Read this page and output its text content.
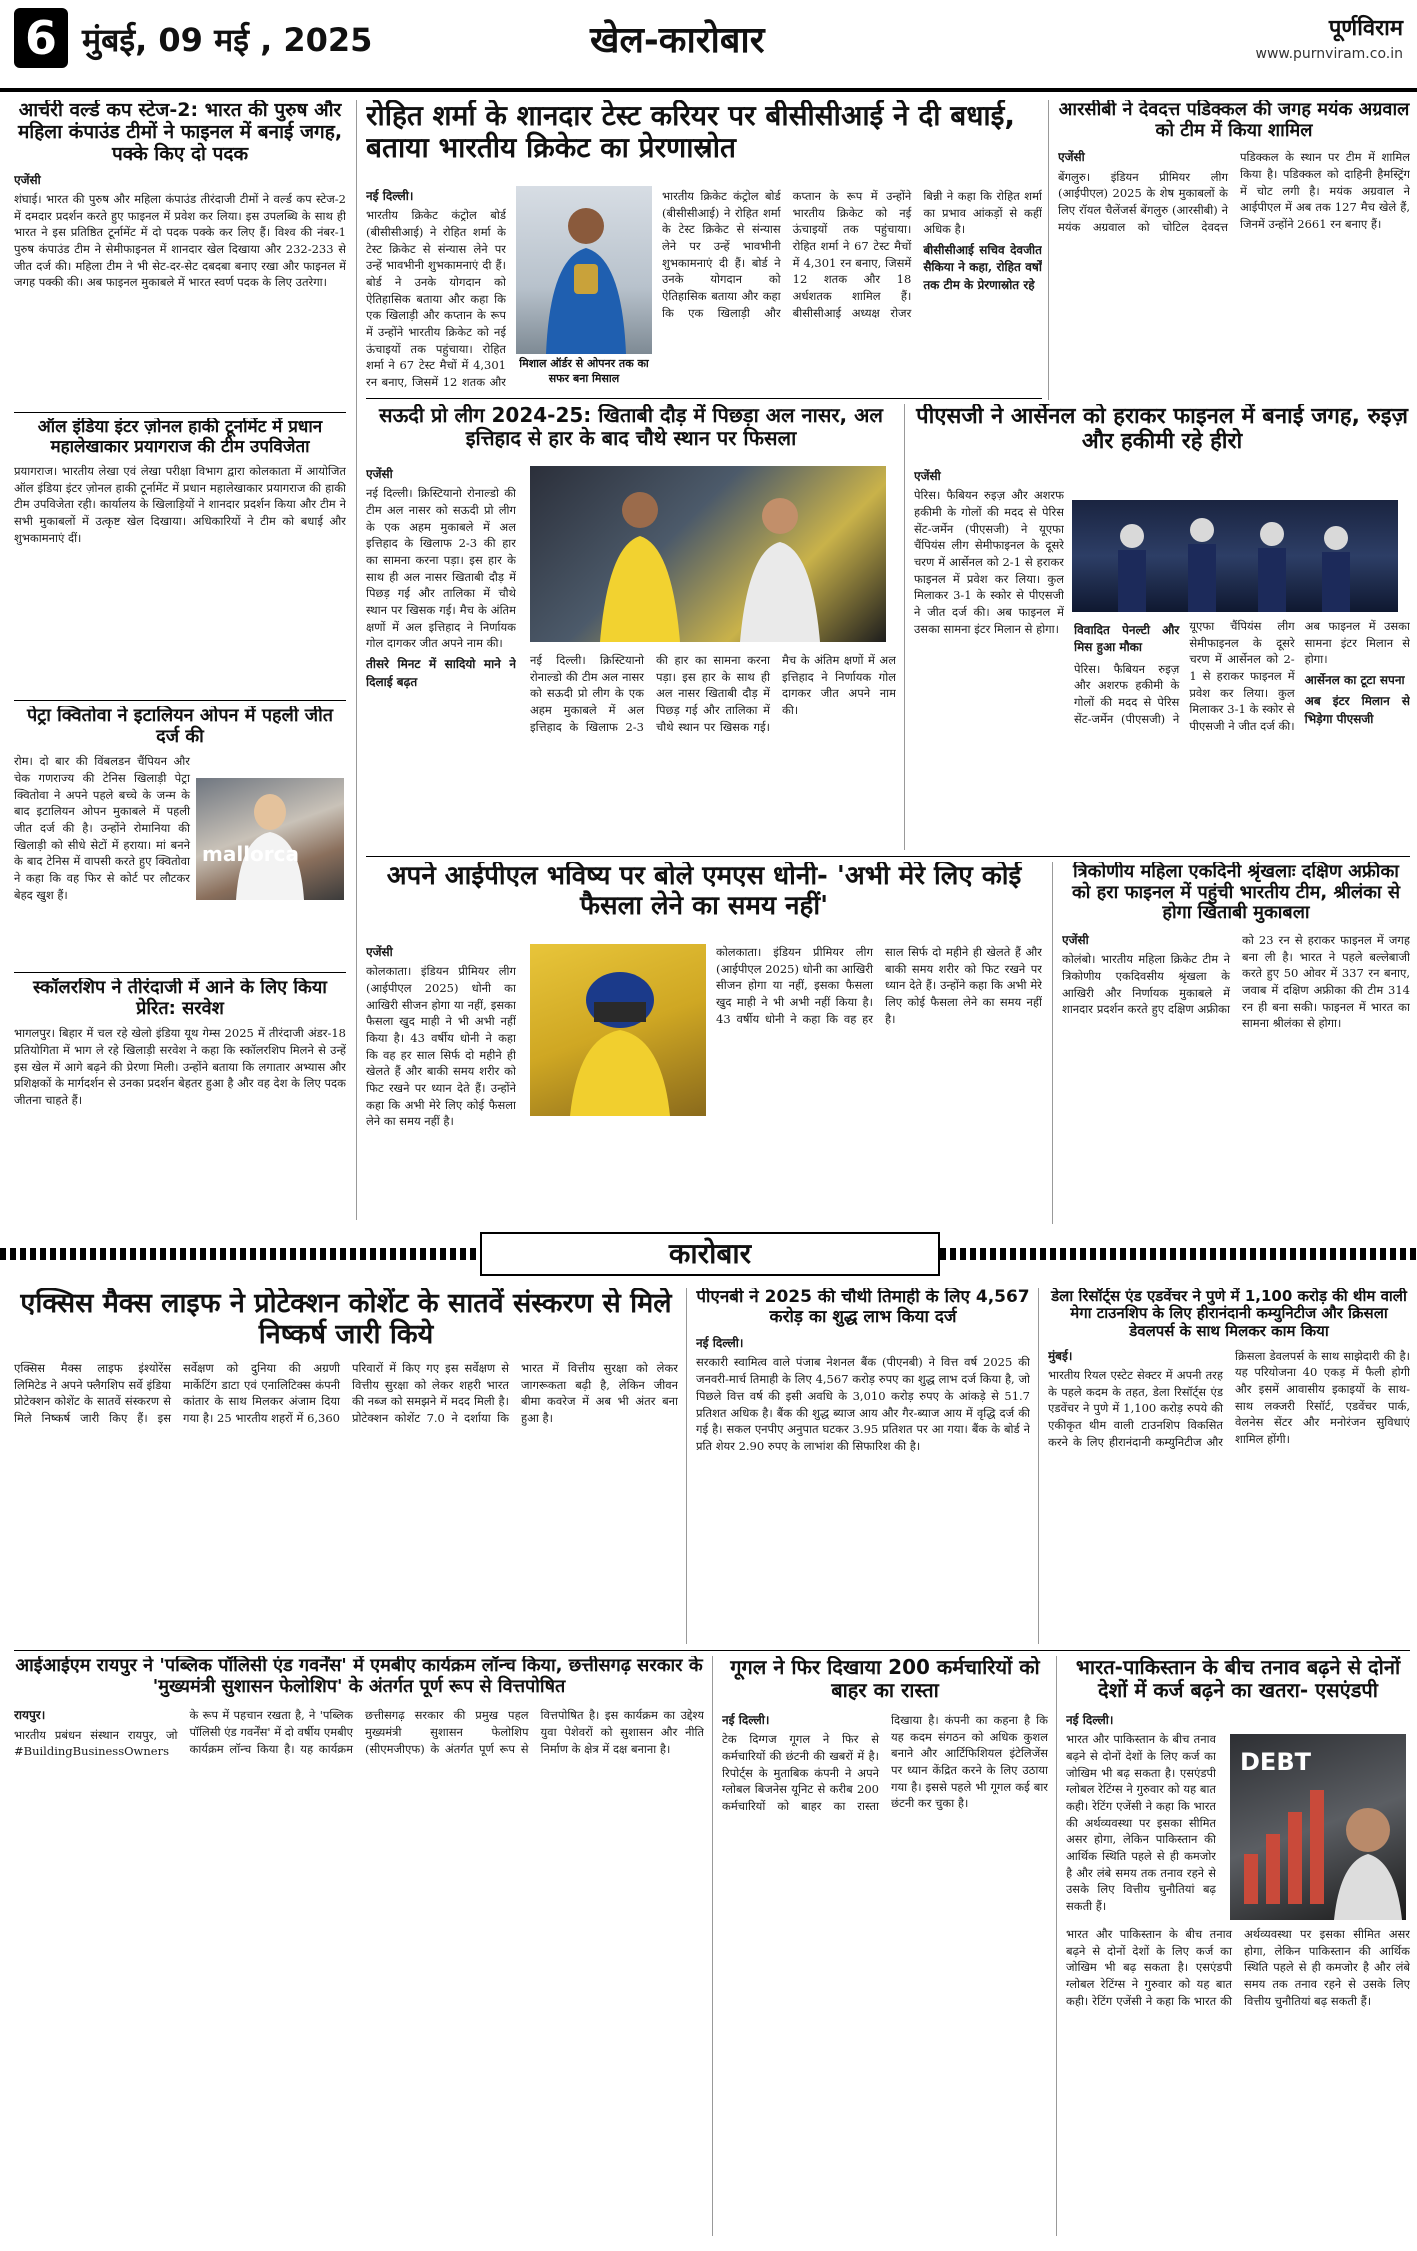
6 मुंबई, 09 मई , 2025	खेल-कारोबार	पूर्णविराम
www.purnviram.co.in
आर्चरी वर्ल्ड कप स्टेज-2: भारत की पुरुष और महिला कंपाउंड टीमों ने फाइनल में बनाई जगह, पक्के किए दो पदक
एजेंसी
शंघाई। भारत की पुरुष और महिला कंपाउंड तीरंदाजी टीमों ने वर्ल्ड कप स्टेज-2 में दमदार प्रदर्शन करते हुए फाइनल में प्रवेश कर लिया। इस उपलब्धि के साथ ही भारत ने इस प्रतिष्ठित टूर्नामेंट में दो पदक पक्के कर लिए हैं। विश्व की नंबर-1 पुरुष कंपाउंड टीम ने सेमीफाइनल में शानदार खेल दिखाया और 232-233 से जीत दर्ज की। महिला टीम ने भी सेट-दर-सेट दबदबा बनाए रखा और फाइनल में जगह पक्की की। अब फाइनल मुकाबले में भारत स्वर्ण पदक के लिए उतरेगा।
ऑल इंडिया इंटर ज़ोनल हाकी टूर्नामेंट में प्रधान महालेखाकार प्रयागराज की टीम उपविजेता
प्रयागराज। भारतीय लेखा एवं लेखा परीक्षा विभाग द्वारा कोलकाता में आयोजित ऑल इंडिया इंटर ज़ोनल हाकी टूर्नामेंट में प्रधान महालेखाकार प्रयागराज की हाकी टीम उपविजेता रही। कार्यालय के खिलाड़ियों ने शानदार प्रदर्शन किया और टीम ने सभी मुकाबलों में उत्कृष्ट खेल दिखाया। अधिकारियों ने टीम को बधाई और शुभकामनाएं दीं।
पेट्रा क्वितोवा ने इटालियन ओपन में पहली जीत दर्ज की
रोम। दो बार की विंबलडन चैंपियन और चेक गणराज्य की टेनिस खिलाड़ी पेट्रा क्वितोवा ने अपने पहले बच्चे के जन्म के बाद इटालियन ओपन मुकाबले में पहली जीत दर्ज की है। उन्होंने रोमानिया की खिलाड़ी को सीधे सेटों में हराया। मां बनने के बाद टेनिस में वापसी करते हुए क्वितोवा ने कहा कि वह फिर से कोर्ट पर लौटकर बेहद खुश हैं।
mallorca
स्कॉलरशिप ने तीरंदाजी में आने के लिए किया प्रेरित: सरवेश
भागलपुर। बिहार में चल रहे खेलो इंडिया यूथ गेम्स 2025 में तीरंदाजी अंडर-18 प्रतियोगिता में भाग ले रहे खिलाड़ी सरवेश ने कहा कि स्कॉलरशिप मिलने से उन्हें इस खेल में आगे बढ़ने की प्रेरणा मिली। उन्होंने बताया कि लगातार अभ्यास और प्रशिक्षकों के मार्गदर्शन से उनका प्रदर्शन बेहतर हुआ है और वह देश के लिए पदक जीतना चाहते हैं।
रोहित शर्मा के शानदार टेस्ट करियर पर बीसीसीआई ने दी बधाई, बताया भारतीय क्रिकेट का प्रेरणास्रोत
नई दिल्ली।
भारतीय क्रिकेट कंट्रोल बोर्ड (बीसीसीआई) ने रोहित शर्मा के टेस्ट क्रिकेट से संन्यास लेने पर उन्हें भावभीनी शुभकामनाएं दी हैं। बोर्ड ने उनके योगदान को ऐतिहासिक बताया और कहा कि एक खिलाड़ी और कप्तान के रूप में उन्होंने भारतीय क्रिकेट को नई ऊंचाइयों तक पहुंचाया। रोहित शर्मा ने 67 टेस्ट मैचों में 4,301 रन बनाए, जिसमें 12 शतक और
भारतीय क्रिकेट कंट्रोल बोर्ड (बीसीसीआई) ने रोहित शर्मा के टेस्ट क्रिकेट से संन्यास लेने पर उन्हें भावभीनी शुभकामनाएं दी हैं। बोर्ड ने उनके योगदान को ऐतिहासिक बताया और कहा कि एक खिलाड़ी और कप्तान के रूप में उन्होंने भारतीय क्रिकेट को नई ऊंचाइयों तक पहुंचाया। रोहित शर्मा ने 67 टेस्ट मैचों में 4,301 रन बनाए, जिसमें 12 शतक और 18 अर्धशतक शामिल हैं। बीसीसीआई अध्यक्ष रोजर बिन्नी ने कहा कि रोहित शर्मा का प्रभाव आंकड़ों से कहीं अधिक है।
बीसीसीआई सचिव देवजीत सैकिया ने कहा, रोहित वर्षों तक टीम के प्रेरणास्रोत रहे
मिशाल ऑर्डर से ओपनर तक का सफर बना मिसाल
सऊदी प्रो लीग 2024-25: खिताबी दौड़ में पिछड़ा अल नासर, अल इत्तिहाद से हार के बाद चौथे स्थान पर फिसला
एजेंसी
नई दिल्ली। क्रिस्टियानो रोनाल्डो की टीम अल नासर को सऊदी प्रो लीग के एक अहम मुकाबले में अल इत्तिहाद के खिलाफ 2-3 की हार का सामना करना पड़ा। इस हार के साथ ही अल नासर खिताबी दौड़ में पिछड़ गई और तालिका में चौथे स्थान पर खिसक गई। मैच के अंतिम क्षणों में अल इत्तिहाद ने निर्णायक गोल दागकर जीत अपने नाम की।
तीसरे मिनट में सादियो माने ने दिलाई बढ़त
नई दिल्ली। क्रिस्टियानो रोनाल्डो की टीम अल नासर को सऊदी प्रो लीग के एक अहम मुकाबले में अल इत्तिहाद के खिलाफ 2-3 की हार का सामना करना पड़ा। इस हार के साथ ही अल नासर खिताबी दौड़ में पिछड़ गई और तालिका में चौथे स्थान पर खिसक गई। मैच के अंतिम क्षणों में अल इत्तिहाद ने निर्णायक गोल दागकर जीत अपने नाम की।
पीएसजी ने आर्सेनल को हराकर फाइनल में बनाई जगह, रुइज़ और हकीमी रहे हीरो
एजेंसी
पेरिस। फैबियन रुइज़ और अशरफ हकीमी के गोलों की मदद से पेरिस सेंट-जर्मेन (पीएसजी) ने यूएफा चैंपियंस लीग सेमीफाइनल के दूसरे चरण में आर्सेनल को 2-1 से हराकर फाइनल में प्रवेश कर लिया। कुल मिलाकर 3-1 के स्कोर से पीएसजी ने जीत दर्ज की। अब फाइनल में उसका सामना इंटर मिलान से होगा।	विवादित पेनल्टी और मिस हुआ मौका
पेरिस। फैबियन रुइज़ और अशरफ हकीमी के गोलों की मदद से पेरिस सेंट-जर्मेन (पीएसजी) ने यूएफा चैंपियंस लीग सेमीफाइनल के दूसरे चरण में आर्सेनल को 2-1 से हराकर फाइनल में प्रवेश कर लिया। कुल मिलाकर 3-1 के स्कोर से पीएसजी ने जीत दर्ज की। अब फाइनल में उसका सामना इंटर मिलान से होगा।
आर्सेनल का टूटा सपना
अब इंटर मिलान से भिड़ेगा पीएसजी
आरसीबी ने देवदत्त पडिक्कल की जगह मयंक अग्रवाल को टीम में किया शामिल
एजेंसी
बेंगलुरु। इंडियन प्रीमियर लीग (आईपीएल) 2025 के शेष मुकाबलों के लिए रॉयल चैलेंजर्स बेंगलुरु (आरसीबी) ने मयंक अग्रवाल को चोटिल देवदत्त पडिक्कल के स्थान पर टीम में शामिल किया है। पडिक्कल को दाहिनी हैमस्ट्रिंग में चोट लगी है। मयंक अग्रवाल ने आईपीएल में अब तक 127 मैच खेले हैं, जिनमें उन्होंने 2661 रन बनाए हैं।
अपने आईपीएल भविष्य पर बोले एमएस धोनी- 'अभी मेरे लिए कोई फैसला लेने का समय नहीं'
एजेंसी
कोलकाता। इंडियन प्रीमियर लीग (आईपीएल 2025) धोनी का आखिरी सीजन होगा या नहीं, इसका फैसला खुद माही ने भी अभी नहीं किया है। 43 वर्षीय धोनी ने कहा कि वह हर साल सिर्फ दो महीने ही खेलते हैं और बाकी समय शरीर को फिट रखने पर ध्यान देते हैं। उन्होंने कहा कि अभी मेरे लिए कोई फैसला लेने का समय नहीं है।
कोलकाता। इंडियन प्रीमियर लीग (आईपीएल 2025) धोनी का आखिरी सीजन होगा या नहीं, इसका फैसला खुद माही ने भी अभी नहीं किया है। 43 वर्षीय धोनी ने कहा कि वह हर साल सिर्फ दो महीने ही खेलते हैं और बाकी समय शरीर को फिट रखने पर ध्यान देते हैं। उन्होंने कहा कि अभी मेरे लिए कोई फैसला लेने का समय नहीं है।
त्रिकोणीय महिला एकदिनी श्रृंखलाः दक्षिण अफ्रीका को हरा फाइनल में पहुंची भारतीय टीम, श्रीलंका से होगा खिताबी मुकाबला
एजेंसी
कोलंबो। भारतीय महिला क्रिकेट टीम ने त्रिकोणीय एकदिवसीय श्रृंखला के आखिरी और निर्णायक मुकाबले में शानदार प्रदर्शन करते हुए दक्षिण अफ्रीका को 23 रन से हराकर फाइनल में जगह बना ली है। भारत ने पहले बल्लेबाजी करते हुए 50 ओवर में 337 रन बनाए, जवाब में दक्षिण अफ्रीका की टीम 314 रन ही बना सकी। फाइनल में भारत का सामना श्रीलंका से होगा।
कारोबार
एक्सिस मैक्स लाइफ ने प्रोटेक्शन कोशेंट के सातवें संस्करण से मिले निष्कर्ष जारी किये
एक्सिस मैक्स लाइफ इंश्योरेंस लिमिटेड ने अपने फ्लैगशिप सर्वे इंडिया प्रोटेक्शन कोशेंट के सातवें संस्करण से मिले निष्कर्ष जारी किए हैं। इस सर्वेक्षण को दुनिया की अग्रणी मार्केटिंग डाटा एवं एनालिटिक्स कंपनी कांतार के साथ मिलकर अंजाम दिया गया है। 25 भारतीय शहरों में 6,360 परिवारों में किए गए इस सर्वेक्षण से वित्तीय सुरक्षा को लेकर शहरी भारत की नब्ज को समझने में मदद मिली है। प्रोटेक्शन कोशेंट 7.0 ने दर्शाया कि भारत में वित्तीय सुरक्षा को लेकर जागरूकता बढ़ी है, लेकिन जीवन बीमा कवरेज में अब भी अंतर बना हुआ है।
पीएनबी ने 2025 की चौथी तिमाही के लिए 4,567 करोड़ का शुद्ध लाभ किया दर्ज
नई दिल्ली।
सरकारी स्वामित्व वाले पंजाब नेशनल बैंक (पीएनबी) ने वित्त वर्ष 2025 की जनवरी-मार्च तिमाही के लिए 4,567 करोड़ रुपए का शुद्ध लाभ दर्ज किया है, जो पिछले वित्त वर्ष की इसी अवधि के 3,010 करोड़ रुपए के आंकड़े से 51.7 प्रतिशत अधिक है। बैंक की शुद्ध ब्याज आय और गैर-ब्याज आय में वृद्धि दर्ज की गई है। सकल एनपीए अनुपात घटकर 3.95 प्रतिशत पर आ गया। बैंक के बोर्ड ने प्रति शेयर 2.90 रुपए के लाभांश की सिफारिश की है।
डेला रिसॉर्ट्स एंड एडवेंचर ने पुणे में 1,100 करोड़ की थीम वाली मेगा टाउनशिप के लिए हीरानंदानी कम्युनिटीज और क्रिसला डेवलपर्स के साथ मिलकर काम किया
मुंबई।
भारतीय रियल एस्टेट सेक्टर में अपनी तरह के पहले कदम के तहत, डेला रिसॉर्ट्स एंड एडवेंचर ने पुणे में 1,100 करोड़ रुपये की एकीकृत थीम वाली टाउनशिप विकसित करने के लिए हीरानंदानी कम्युनिटीज और क्रिसला डेवलपर्स के साथ साझेदारी की है। यह परियोजना 40 एकड़ में फैली होगी और इसमें आवासीय इकाइयों के साथ-साथ लक्जरी रिसॉर्ट, एडवेंचर पार्क, वेलनेस सेंटर और मनोरंजन सुविधाएं शामिल होंगी।
आईआईएम रायपुर ने 'पब्लिक पॉलिसी एंड गवर्नेंस' में एमबीए कार्यक्रम लॉन्च किया, छत्तीसगढ़ सरकार के 'मुख्यमंत्री सुशासन फेलोशिप' के अंतर्गत पूर्ण रूप से वित्तपोषित
रायपुर।
भारतीय प्रबंधन संस्थान रायपुर, जो #BuildingBusinessOwners के रूप में पहचान रखता है, ने 'पब्लिक पॉलिसी एंड गवर्नेंस' में दो वर्षीय एमबीए कार्यक्रम लॉन्च किया है। यह कार्यक्रम छत्तीसगढ़ सरकार की प्रमुख पहल मुख्यमंत्री सुशासन फेलोशिप (सीएमजीएफ) के अंतर्गत पूर्ण रूप से वित्तपोषित है। इस कार्यक्रम का उद्देश्य युवा पेशेवरों को सुशासन और नीति निर्माण के क्षेत्र में दक्ष बनाना है।
गूगल ने फिर दिखाया 200 कर्मचारियों को बाहर का रास्ता
नई दिल्ली।
टेक दिग्गज गूगल ने फिर से कर्मचारियों की छंटनी की खबरों में है। रिपोर्ट्स के मुताबिक कंपनी ने अपने ग्लोबल बिजनेस यूनिट से करीब 200 कर्मचारियों को बाहर का रास्ता दिखाया है। कंपनी का कहना है कि यह कदम संगठन को अधिक कुशल बनाने और आर्टिफिशियल इंटेलिजेंस पर ध्यान केंद्रित करने के लिए उठाया गया है। इससे पहले भी गूगल कई बार छंटनी कर चुका है।
भारत-पाकिस्तान के बीच तनाव बढ़ने से दोनों देशों में कर्ज बढ़ने का खतरा- एसएंडपी
नई दिल्ली।
भारत और पाकिस्तान के बीच तनाव बढ़ने से दोनों देशों के लिए कर्ज का जोखिम भी बढ़ सकता है। एसएंडपी ग्लोबल रेटिंग्स ने गुरुवार को यह बात कही। रेटिंग एजेंसी ने कहा कि भारत की अर्थव्यवस्था पर इसका सीमित असर होगा, लेकिन पाकिस्तान की आर्थिक स्थिति पहले से ही कमजोर है और लंबे समय तक तनाव रहने से उसके लिए वित्तीय चुनौतियां बढ़ सकती हैं।
भारत और पाकिस्तान के बीच तनाव बढ़ने से दोनों देशों के लिए कर्ज का जोखिम भी बढ़ सकता है। एसएंडपी ग्लोबल रेटिंग्स ने गुरुवार को यह बात कही। रेटिंग एजेंसी ने कहा कि भारत की अर्थव्यवस्था पर इसका सीमित असर होगा, लेकिन पाकिस्तान की आर्थिक स्थिति पहले से ही कमजोर है और लंबे समय तक तनाव रहने से उसके लिए वित्तीय चुनौतियां बढ़ सकती हैं।
DEBT
